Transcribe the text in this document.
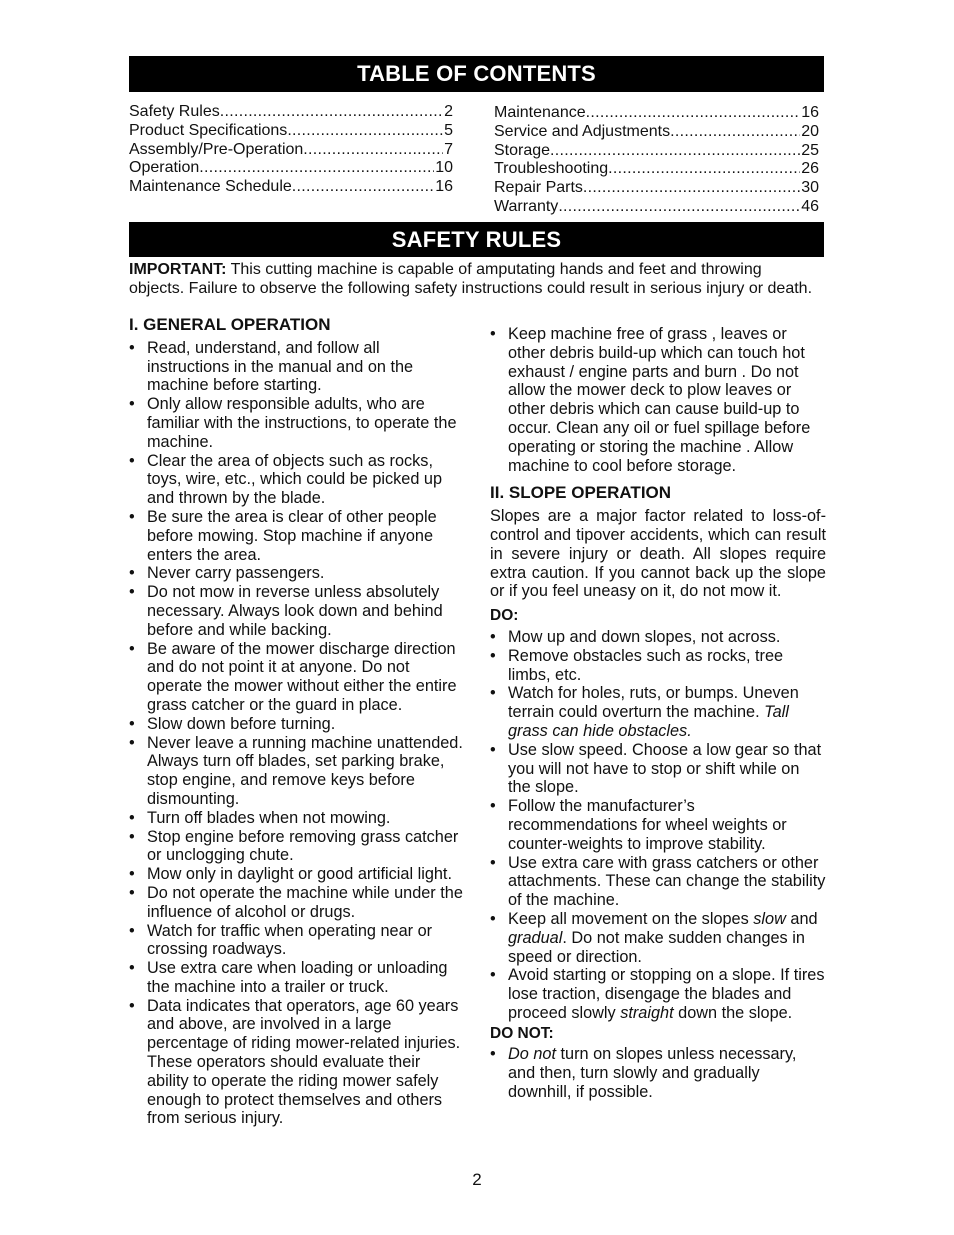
TABLE OF CONTENTS
Safety Rules .....	2
Product Specifications .....	5
Assembly/Pre-Operation .....	7
Operation .....	10
Maintenance Schedule .....	16
Maintenance .....	16
Service and Adjustments .....	20
Storage .....	25
Troubleshooting .....	26
Repair Parts .....	30
Warranty .....	46
SAFETY RULES
IMPORTANT: This cutting machine is capable of amputating hands and feet and throwing objects. Failure to observe the following safety instructions could result in serious injury or death.
I. GENERAL OPERATION
• Read, understand, and follow all instructions in the manual and on the machine before starting.
• Only allow responsible adults, who are familiar with the instructions, to operate the machine.
• Clear the area of objects such as rocks, toys, wire, etc., which could be picked up and thrown by the blade.
• Be sure the area is clear of other people before mowing. Stop machine if anyone enters the area.
• Never carry passengers.
• Do not mow in reverse unless absolutely necessary. Always look down and behind before and while backing.
• Be aware of the mower discharge direction and do not point it at anyone. Do not operate the mower without either the entire grass catcher or the guard in place.
• Slow down before turning.
• Never leave a running machine unattended. Always turn off blades, set parking brake, stop engine, and remove keys before dismounting.
• Turn off blades when not mowing.
• Stop engine before removing grass catcher or unclogging chute.
• Mow only in daylight or good artificial light.
• Do not operate the machine while under the influence of alcohol or drugs.
• Watch for traffic when operating near or crossing roadways.
• Use extra care when loading or unloading the machine into a trailer or truck.
• Data indicates that operators, age 60 years and above, are involved in a large percentage of riding mower-related injuries. These operators should evaluate their ability to operate the riding mower safely enough to protect themselves and others from serious injury.
• Keep machine free of grass , leaves or other debris build-up which can touch hot exhaust / engine parts and burn . Do not allow the mower deck to plow leaves or other debris which can cause build-up to occur. Clean any oil or fuel spillage before operating or storing the machine . Allow machine to cool before storage.
II. SLOPE OPERATION

Slopes are a major factor related to loss-of-control and tipover accidents, which can result in severe injury or death. All slopes require extra caution. If you cannot back up the slope or if you feel uneasy on it, do not mow it.

DO:
• Mow up and down slopes, not across.
• Remove obstacles such as rocks, tree limbs, etc.
• Watch for holes, ruts, or bumps. Uneven terrain could overturn the machine. Tall grass can hide obstacles.
• Use slow speed. Choose a low gear so that you will not have to stop or shift while on the slope.
• Follow the manufacturer’s recommendations for wheel weights or counter-weights to improve stability.
• Use extra care with grass catchers or other attachments. These can change the stability of the machine.
• Keep all movement on the slopes slow and gradual. Do not make sudden changes in speed or direction.
• Avoid starting or stopping on a slope. If tires lose traction, disengage the blades and proceed slowly straight down the slope.
DO NOT:
• Do not turn on slopes unless necessary, and then, turn slowly and gradually downhill, if possible.
2
